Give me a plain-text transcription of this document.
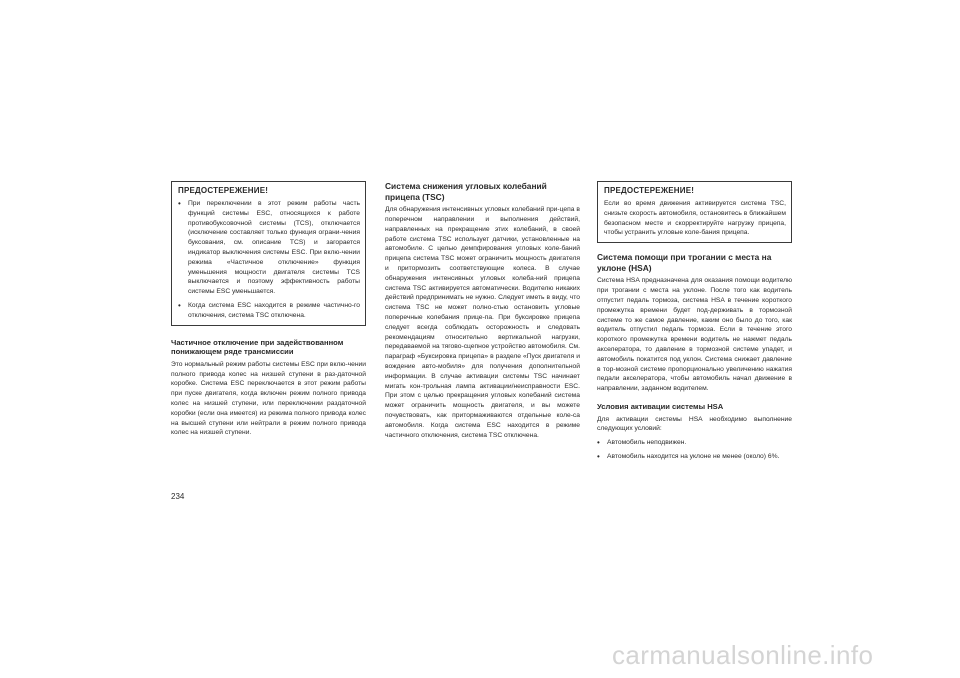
ПРЕДОСТЕРЕЖЕНИЕ!
• При переключении в этот режим работы часть функций системы ESC, относящихся к работе противобуксовочной системы (TCS), отключается (исключение составляет только функция ограни-чения буксования, см. описание TCS) и загорается индикатор выключения системы ESC. При вклю-чении режима «Частичное отключение» функция уменьшения мощности двигателя системы TCS выключается и поэтому эффективность работы системы ESC уменьшается.
• Когда система ESC находится в режиме частично-го отключения, система TSC отключена.

Частичное отключение при задействованном понижающем ряде трансмиссии

Это нормальный режим работы системы ESC при вклю-чении полного привода колес на низшей ступени в раз-даточной коробке. Система ESC переключается в этот режим работы при пуске двигателя, когда включен режим полного привода колес на низшей ступени, или переключении раздаточной коробки (если она имеется) из режима полного привода колес на высшей ступени или нейтрали в режим полного привода колес на низшей ступени.

Система снижения угловых колебаний прицепа (TSC)

Для обнаружения интенсивных угловых колебаний при-цепа в поперечном направлении и выполнения действий, направленных на прекращение этих колебаний, в своей работе система TSC использует датчики, установленные на автомобиле. С целью демпфирования угловых коле-баний прицепа система TSC может ограничить мощность двигателя и притормозить соответствующие колеса. В случае обнаружения интенсивных угловых колеба-ний прицепа система TSC активируется автоматически. Водителю никаких действий предпринимать не нужно. Следует иметь в виду, что система TSC не может полно-стью остановить угловые поперечные колебания прице-па. При буксировке прицепа следует всегда соблюдать осторожность и следовать рекомендациям относительно вертикальной нагрузки, передаваемой на тягово-сцепное устройство автомобиля. См. параграф «Буксировка прицепа» в разделе «Пуск двигателя и вождение авто-мобиля» для получения дополнительной информации. В случае активации системы TSC начинает мигать кон-трольная лампа активации/неисправности ESC. При этом с целью прекращения угловых колебаний система может ограничить мощность двигателя, и вы можете почувствовать, как притормаживаются отдельные коле-са автомобиля. Когда система ESC находится в режиме частичного отключения, система TSC отключена.

ПРЕДОСТЕРЕЖЕНИЕ!

Если во время движения активируется система TSC, снизьте скорость автомобиля, остановитесь в ближайшем безопасном месте и скорректируйте нагрузку прицепа, чтобы устранить угловые коле-бания прицепа.

Система помощи при трогании с места на уклоне (HSA)

Система HSA предназначена для оказания помощи водителю при трогании с места на уклоне. После того как водитель отпустит педаль тормоза, система HSA в течение короткого промежутка времени будет под-держивать в тормозной системе то же самое давление, каким оно было до того, как водитель отпустил педаль тормоза. Если в течение этого короткого промежутка времени водитель не нажмет педаль акселератора, то давление в тормозной системе упадет, и автомобиль покатится под уклон. Система снижает давление в тор-мозной системе пропорционально увеличению нажатия педали акселератора, чтобы автомобиль начал движение в направлении, заданном водителем.

Условия активации системы HSA

Для активации системы HSA необходимо выполнение следующих условий:

• Автомобиль неподвижен.
• Автомобиль находится на уклоне не менее (около) 6%.
234
carmanualsonline.info
